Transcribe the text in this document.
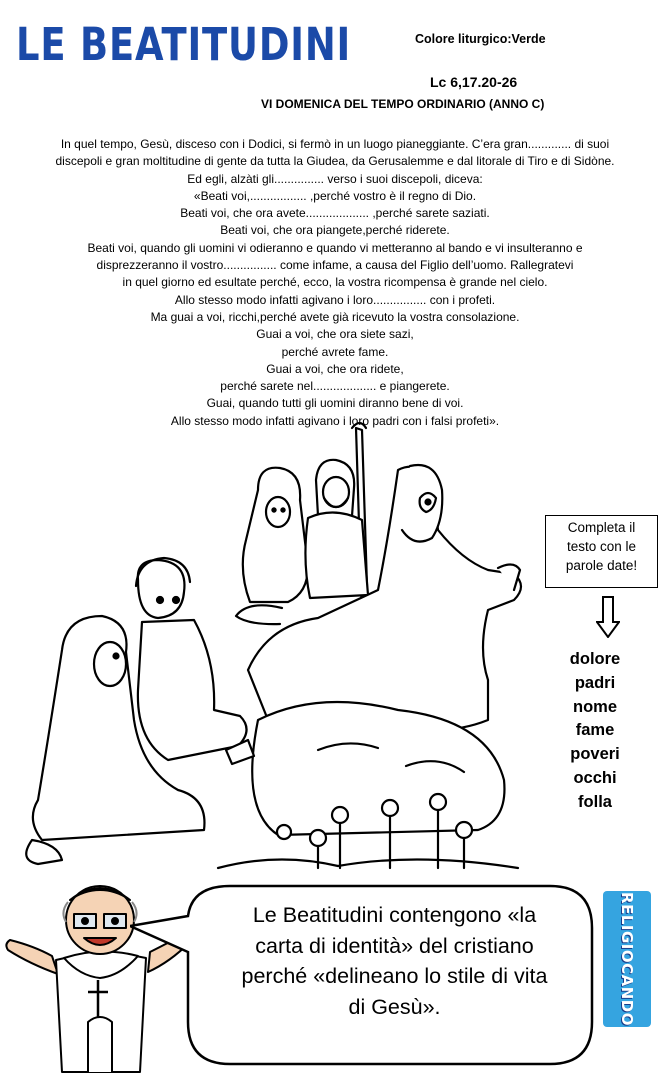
LE BEATITUDINI	Colore liturgico:Verde
Lc 6,17.20-26
VI DOMENICA DEL TEMPO ORDINARIO (ANNO C)
In quel tempo, Gesù, disceso con i Dodici, si fermò in un luogo pianeggiante. C’era gran............. di suoi
discepoli e gran moltitudine di gente da tutta la Giudea, da Gerusalemme e dal litorale di Tiro e di Sidòne.
Ed egli, alzàti gli............... verso i suoi discepoli, diceva:
«Beati voi,................. ,perché vostro è il regno di Dio.
Beati voi, che ora avete................... ,perché sarete saziati.
Beati voi, che ora piangete,perché riderete.
Beati voi, quando gli uomini vi odieranno e quando vi metteranno al bando e vi insulteranno e
disprezzeranno il vostro................ come infame, a causa del Figlio dell’uomo. Rallegratevi
in quel giorno ed esultate perché, ecco, la vostra ricompensa è grande nel cielo.
Allo stesso modo infatti agivano i loro................ con i profeti.
Ma guai a voi, ricchi,perché avete già ricevuto la vostra consolazione.
Guai a voi, che ora siete sazi,
perché avrete fame.
Guai a voi, che ora ridete,
perché sarete nel................... e piangerete.
Guai, quando tutti gli uomini diranno bene di voi.
Allo stesso modo infatti agivano i loro padri con i falsi profeti».
Completa il
testo con le
parole date!
dolore
padri
nome
fame
poveri
occhi
folla
Le Beatitudini contengono «la
carta di identità» del cristiano
perché «delineano lo stile di vita
di Gesù».	RELIGIOCANDO
